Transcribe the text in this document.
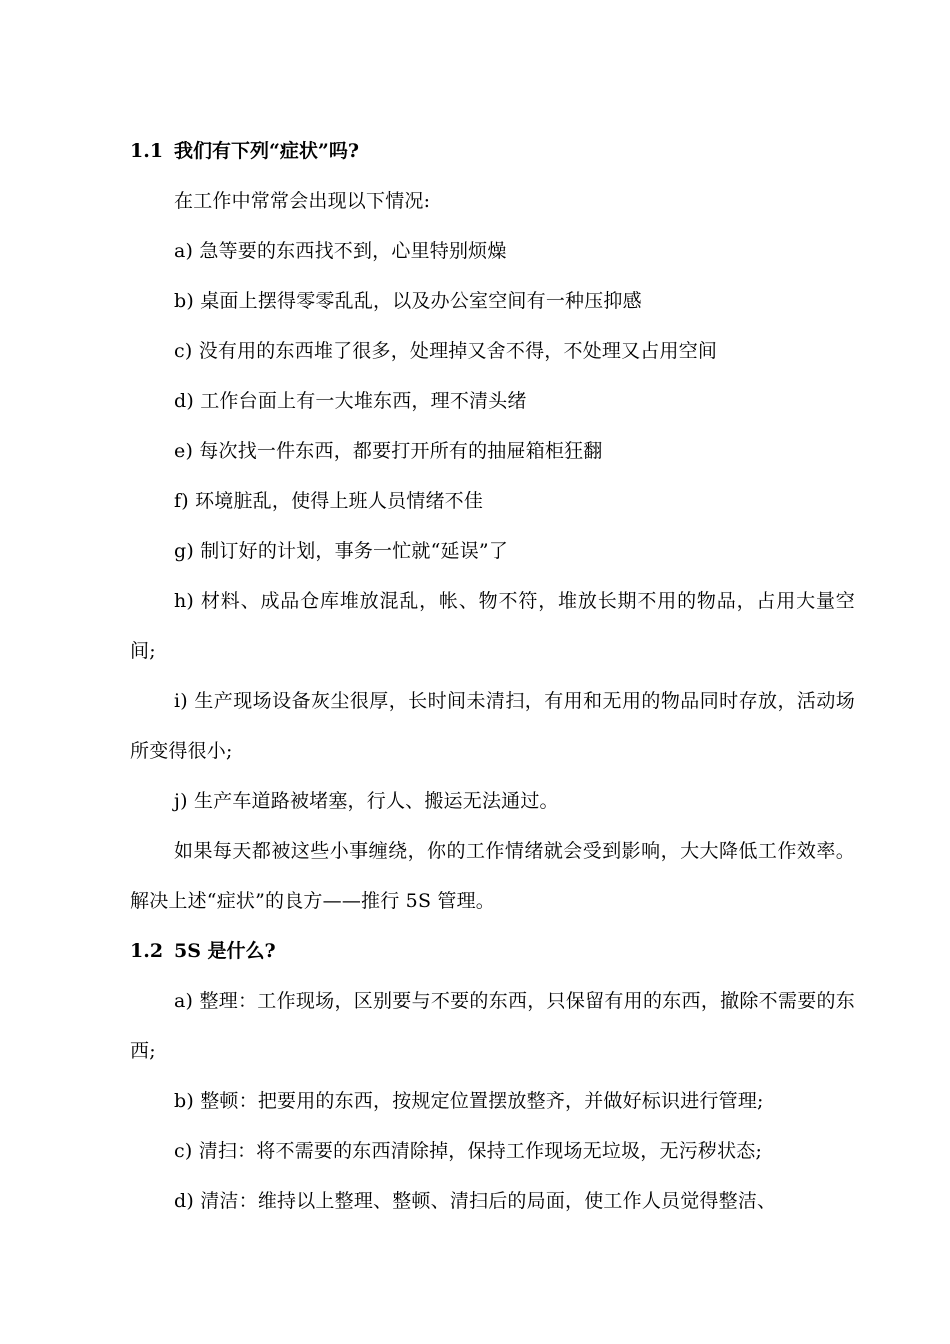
1.1 我们有下列“症状”吗?

在工作中常常会出现以下情况:

a) 急等要的东西找不到，心里特别烦燥

b) 桌面上摆得零零乱乱，以及办公室空间有一种压抑感

c) 没有用的东西堆了很多，处理掉又舍不得，不处理又占用空间

d) 工作台面上有一大堆东西，理不清头绪

e) 每次找一件东西，都要打开所有的抽屉箱柜狂翻

f) 环境脏乱，使得上班人员情绪不佳

g) 制订好的计划，事务一忙就“延误”了

h) 材料、成品仓库堆放混乱，帐、物不符，堆放长期不用的物品，占用大量空间;

i) 生产现场设备灰尘很厚，长时间未清扫，有用和无用的物品同时存放，活动场所变得很小;

j) 生产车道路被堵塞，行人、搬运无法通过。

如果每天都被这些小事缠绕，你的工作情绪就会受到影响，大大降低工作效率。解决上述“症状”的良方——推行 5S 管理。

1.2 5S 是什么?

a) 整理：工作现场，区别要与不要的东西，只保留有用的东西，撤除不需要的东西;

b) 整顿：把要用的东西，按规定位置摆放整齐，并做好标识进行管理;

c) 清扫：将不需要的东西清除掉，保持工作现场无垃圾，无污秽状态;

d) 清洁：维持以上整理、整顿、清扫后的局面，使工作人员觉得整洁、
